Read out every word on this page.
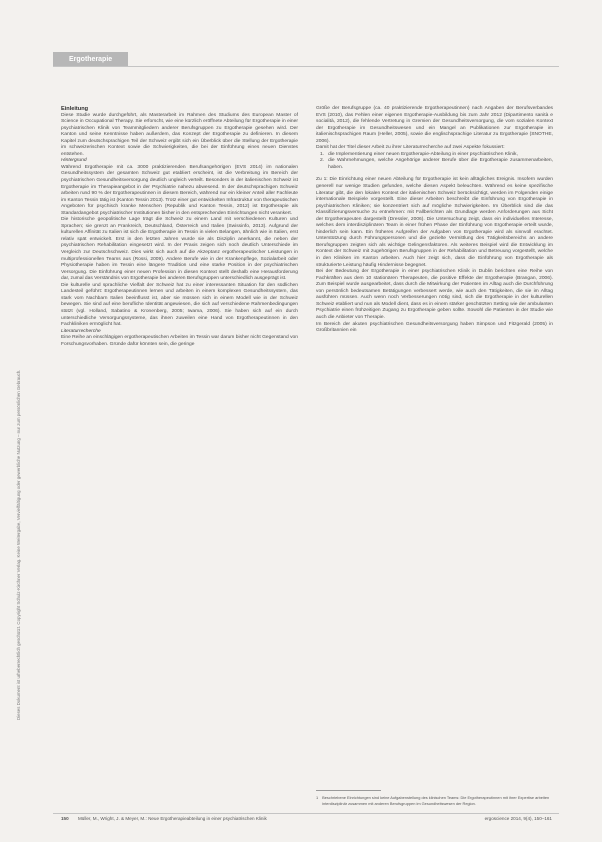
Dieses Dokument ist urheberrechtlich geschützt. Copyright Schulz-Kirchner Verlag. Keine Weitergabe, Vervielfältigung oder gewerbliche Nutzung – nur zum persönlichen Gebrauch.
Ergotherapie

Einleitung

Diese Studie wurde durchgeführt, als Masterarbeit im Rahmen des Studiums des European Master of Science in Occupational Therapy. Sie erforscht, wie eine kürzlich eröffnete Abteilung für Ergotherapie in einer psychiatrischen Klinik von Teammitgliedern anderer Berufsgruppen zu Ergotherapie gesehen wird. Der Kanton und seine Kenntnisse haben außerdem, das Konzept der Ergotherapie zu definieren. In diesem Kapitel zum deutschsprachigen Teil der Schweiz ergibt sich ein Überblick über die Stellung der Ergotherapie im schweizerischen Kontext sowie die Schwierigkeiten, die bei der Einführung eines neuen Dienstes entstehen.

Hintergrund

Während Ergotherapie mit ca. 3000 praktizierenden Berufsangehörigen (EVS 2014) im nationalen Gesundheitssystem der gesamten Schweiz gut etabliert erscheint, ist die Verbreitung im Bereich der psychiatrischen Gesundheitsversorgung deutlich ungleich verteilt. Besonders in der italienischen Schweiz ist Ergotherapie im Therapieangebot in der Psychiatrie nahezu abwesend. In der deutschsprachigen Schweiz arbeiten rund 90 % der Ergotherapeutinnen in diesem Bereich, während nur ein kleiner Anteil aller Fachleute im Kanton Tessin tätig ist (Kanton Tessin 2013). Trotz einer gut entwickelten Infrastruktur von therapeutischen Angeboten für psychisch kranke Menschen (Republik und Kanton Tessin, 2012) ist Ergotherapie als Standardangebot psychiatrischer Institutionen bisher in den entsprechenden Einrichtungen nicht verankert.

Die historische geopolitische Lage trägt die Schweiz zu einem Land mit verschiedenen Kulturen und Sprachen; sie grenzt an Frankreich, Deutschland, Österreich und Italien (Swissinfo, 2013). Aufgrund der kulturellen Affinität zu Italien ist sich die Ergotherapie im Tessin in vielen Belangen, ähnlich wie in Italien, erst relativ spät entwickelt. Erst in den letzten Jahren wurde sie als Disziplin anerkannt, die neben der psychiatrischen Rehabilitation eingesetzt wird. In der Praxis zeigen sich noch deutlich Unterschiede im Vergleich zur Deutschschweiz. Dies wirkt sich auch auf die Akzeptanz ergotherapeutischer Leistungen in multiprofessionellen Teams aus (Rossi, 2009). Andere Berufe wie in der Krankenpflege, Sozialarbeit oder Physiotherapie haben im Tessin eine längere Tradition und eine starke Position in der psychiatrischen Versorgung. Die Einführung einer neuen Profession in diesen Kontext stellt deshalb eine Herausforderung dar, zumal das Verständnis von Ergotherapie bei anderen Berufsgruppen unterschiedlich ausgeprägt ist.

Die kulturelle und sprachliche Vielfalt der Schweiz hat zu einer interessanten Situation für den südlichen Landesteil geführt: Ergotherapeutinnen lernen und arbeiten in einem komplexen Gesundheitssystem, das stark vom Nachbarn Italien beeinflusst ist, aber sie müssen sich in einem Modell wie in der Schweiz bewegen. Sie sind auf eine berufliche Identität angewiesen, die sich auf verschiedene Rahmenbedingungen stützt (vgl. Holland, Sabatino & Kronenberg, 2005; Iwama, 2006). Sie haben sich auf ein durch unterschiedliche Versorgungssysteme, das ihnen zuweilen eine Hand von Ergotherapeutinnen in den Fachkliniken ermöglicht hat.

Literaturrecherche

Eine Reihe an einschlägigen ergotherapeutischen Arbeiten im Tessin war darum bisher nicht Gegenstand von Forschungsvorhaben. Gründe dafür könnten sein, die geringe

Größe der Berufsgruppe (ca. 40 praktizierende Ergotherapeutinnen) nach Angaben der Berufsverbandes EVS (2010), das Fehlen einer eigenen Ergotherapie-Ausbildung bis zum Jahr 2012 (Dipartimento sanità e socialità, 2012), die fehlende Vertretung in Gremien der Gesundheitsversorgung, die vom sozialen Kontext der Ergotherapie im Gesundheitswesen und ein Mangel an Publikationen zur Ergotherapie im italienischsprachigen Raum (Heller, 2005), sowie die englischsprachige Literatur zu Ergotherapie (SNOTHE, 2006).

Damit hat der Titel dieser Arbeit zu ihrer Literaturrecherche auf zwei Aspekte fokussiert:

1. die Implementierung einer neuen Ergotherapie-Abteilung in einer psychiatrischen Klinik,
2. die Wahrnehmungen, welche Angehörige anderer Berufe über die Ergotherapie zusammenarbeiten, haben.

Zu 1: Die Einrichtung einer neuen Abteilung für Ergotherapie ist kein alltägliches Ereignis. Insofern wurden generell nur wenige Studien gefunden, welche diesen Aspekt beleuchten. Während es keine spezifische Literatur gibt, die den lokalen Kontext der italienischen Schweiz berücksichtigt, werden im Folgenden einige internationale Beispiele vorgestellt. Eine dieser Arbeiten beschreibt die Einführung von Ergotherapie in psychiatrischen Kliniken; sie konzentriert sich auf mögliche Schwierigkeiten. Im Überblick sind die das Klassifizierungsversuche zu entnehmen: mit Fallberichten als Grundlage werden Anforderungen aus Sicht der Ergotherapeuten dargestellt (Dressler, 2006). Die Untersuchung zeigt, dass ein individuelles Interesse, welches dem interdisziplinären Team in einer frühen Phase der Einführung von Ergotherapie erteilt wurde, hinderlich sein kann. Ein früheres Aufgreifen der Aufgaben von Ergotherapie wird als sinnvoll erachtet. Unterstützung durch Führungspersonen und die gezielte Vermittlung des Tätigkeitsbereichs an andere Berufsgruppen zeigten sich als wichtige Gelingensfaktoren. Als weiteres Beispiel wird die Entwicklung im Kontext der Schweiz mit zugehörigen Berufsgruppen in der Rehabilitation und Betreuung vorgestellt, welche in den Kliniken im Kanton arbeiten. Auch hier zeigt sich, dass die Einführung von Ergotherapie als strukturierte Leistung häufig Hindernisse begegnet.

Bei der Bedeutung der Ergotherapie in einer psychiatrischen Klinik in Dublin berichten eine Reihe von Fachkräften aus dem 10 stationären Therapeuten, die positive Effekte der Ergotherapie (Brangan, 2006). Zum Beispiel wurde ausgearbeitet, dass durch die Mitwirkung der Patienten im Alltag auch die Durchführung von persönlich bedeutsamen Betätigungen verbessert werde, wie auch den Tätigkeiten, die sie im Alltag ausführen müssen. Auch wenn noch Verbesserungen nötig sind, sich die Ergotherapie in der kulturellen Schweiz etabliert und nun als Modell dient, dass es in einem stärker geschützten Setting wie der ambulanten Psychiatrie einen frühzeitigen Zugang zu Ergotherapie geben sollte. Sowohl die Patienten in der Studie wie auch die Anbieter von Therapie.

Im Bereich der akuten psychiatrischen Gesundheitsversorgung haben Simpson und Fitzgerald (2005) in Großbritannien ein

1 Beschriebene Einrichtungen sind keine Aufgabenstellung des klinischen Teams: Die Ergotherapeutinnen mit ihrer Expertise arbeiten interdisziplinär zusammen mit anderen Berufsgruppen im Gesundheitswesen der Region.
150 Müller, M., Wright, J. & Meyer, M.: Neue Ergotherapieabteilung in einer psychiatrischen Klinik	ergoscience 2014, 9(4), 150–161
